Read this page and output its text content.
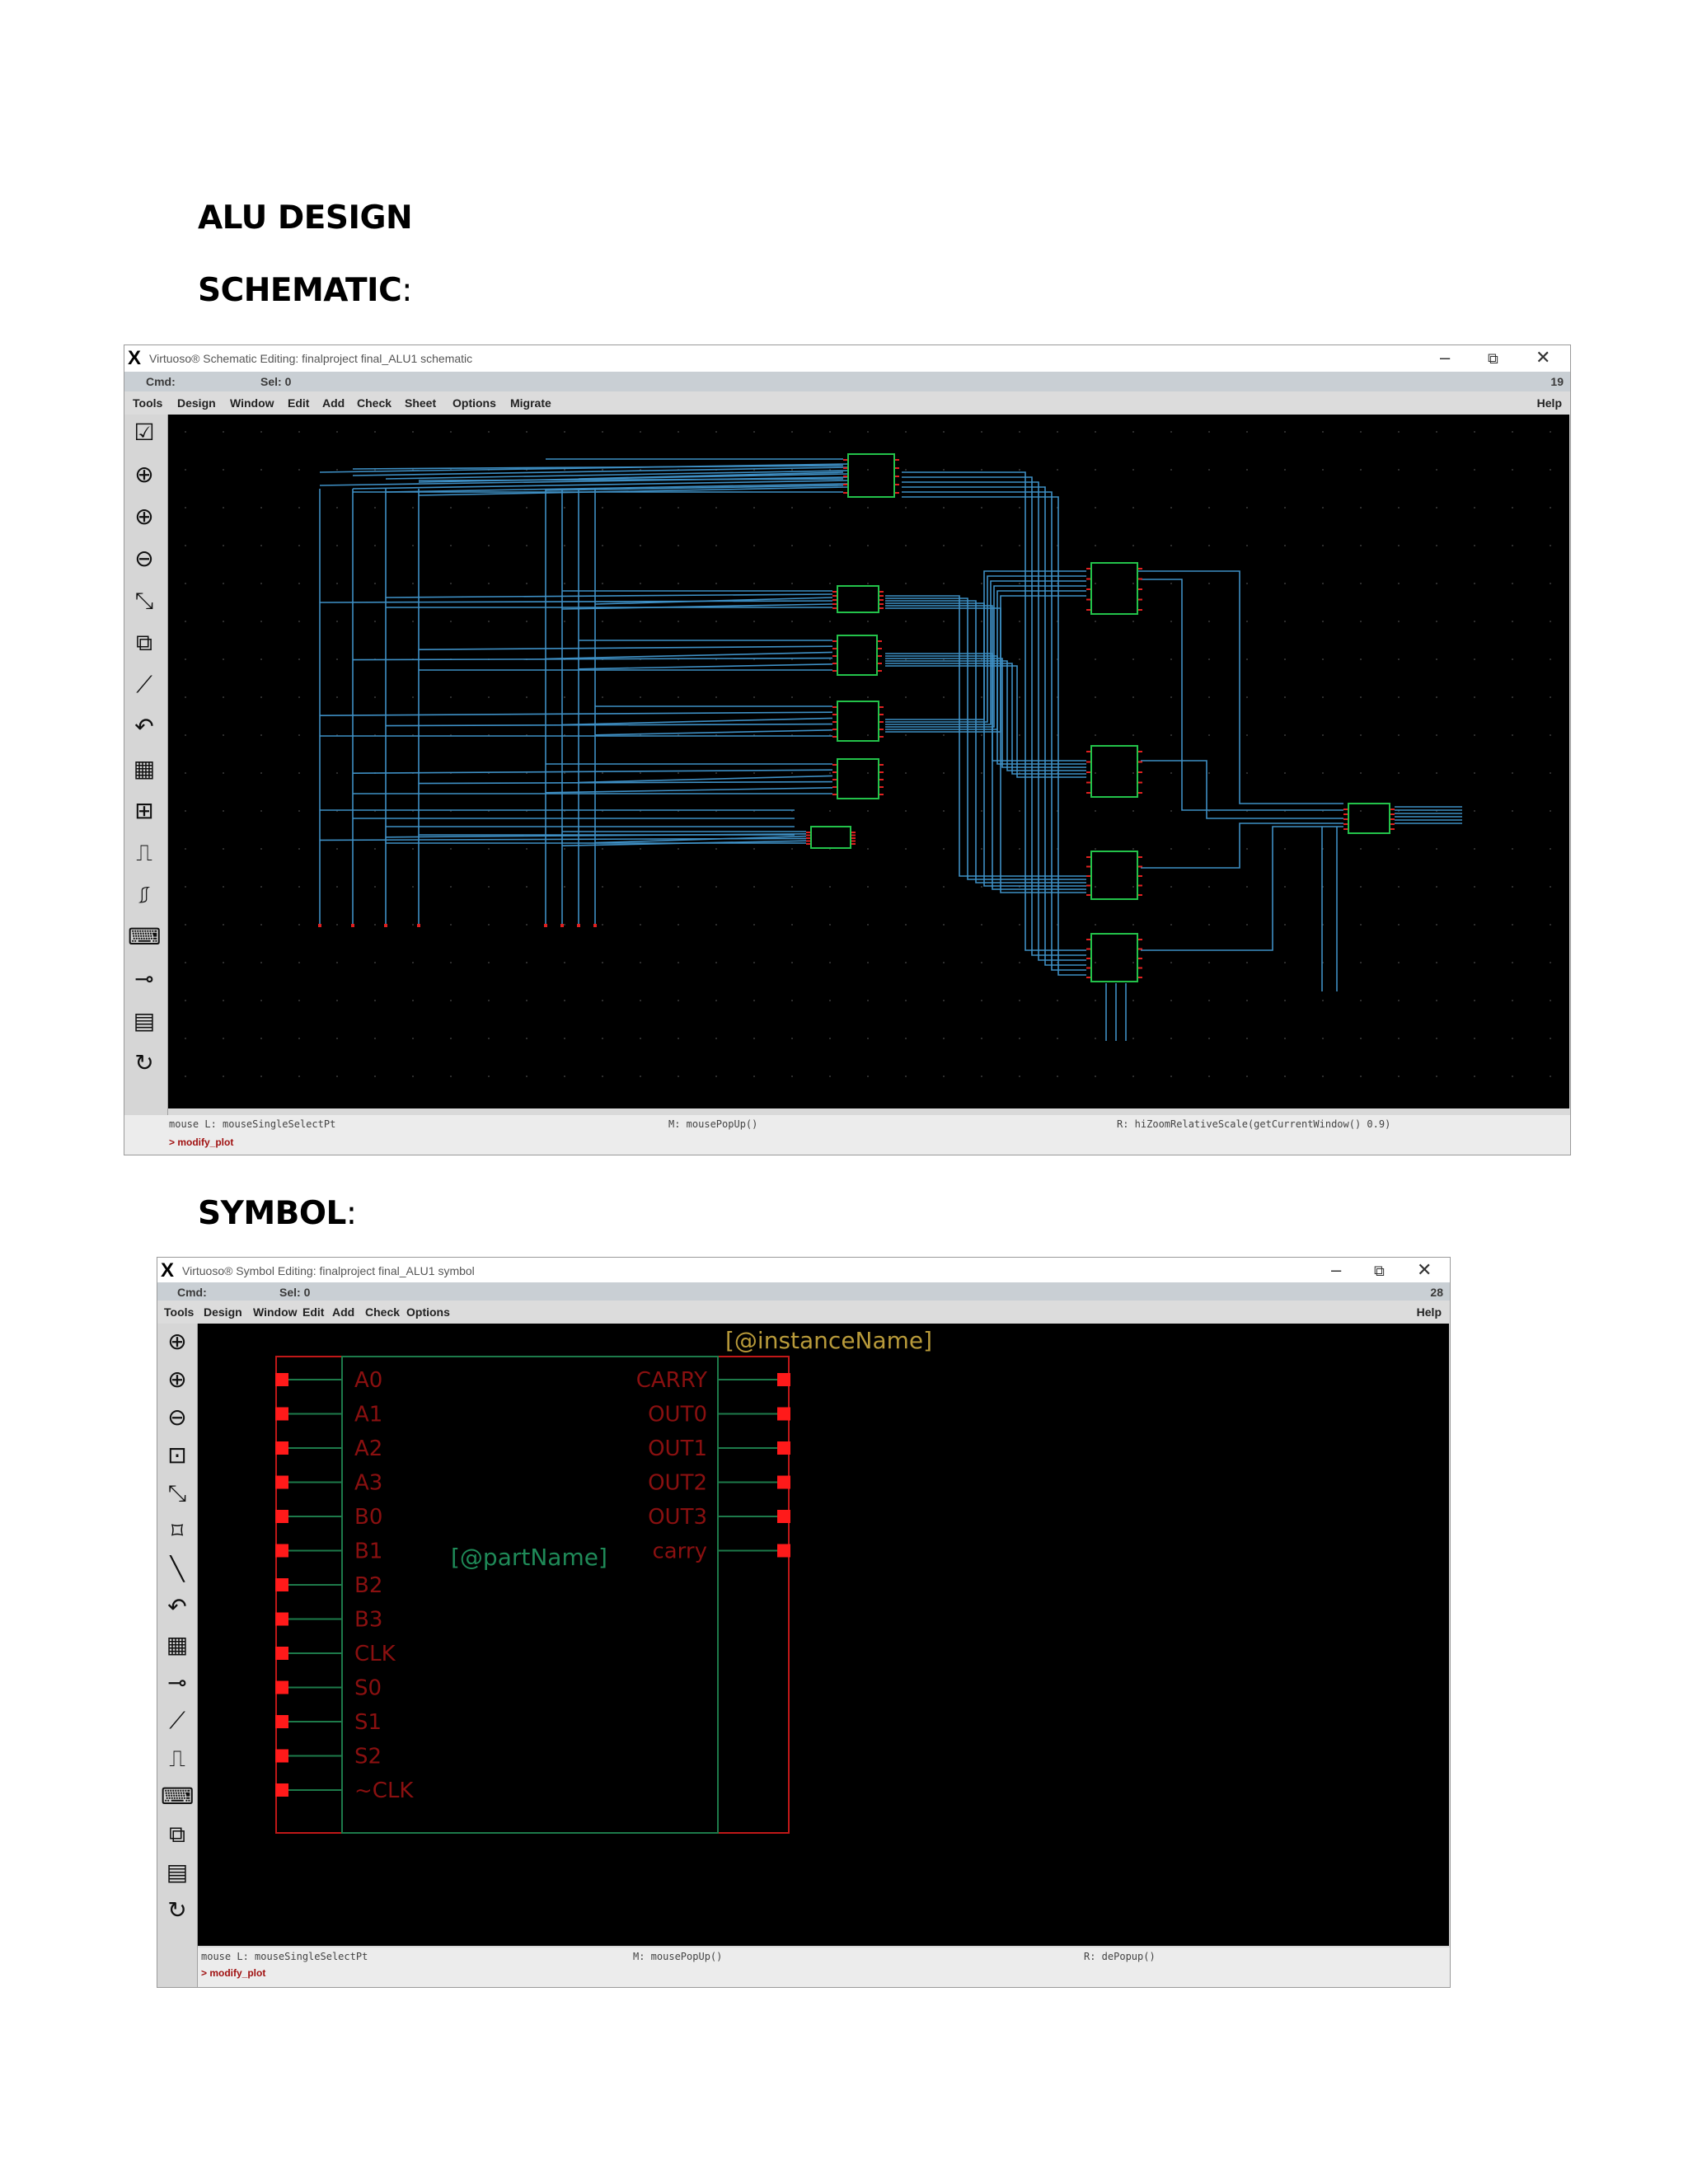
ALU DESIGN
SCHEMATIC:
SYMBOL:
X Virtuoso® Schematic Editing: finalproject final_ALU1 schematic	–	⧉ ✕
Cmd:	Sel: 0	19
Help
Tools Design Window Edit Add Check Sheet Options Migrate
☑
⊕
⊕
⊖
⤡
⧉
⟋
↶
▦
⊞
⎍
⎎
⌨
⊸
▤
↻
mouse L: mouseSingleSelectPt	M: mousePopUp()	R: hiZoomRelativeScale(getCurrentWindow() 0.9)
> modify_plot
X Virtuoso® Symbol Editing: finalproject final_ALU1 symbol	– ⧉ ✕
Cmd:	Sel: 0	28
Help
Tools Design Window Edit Add Check Options
⊕
⊕
⊖
⊡
⤡
⌑
╲
↶
▦
⊸
⟋
⎍
⌨
⧉
▤
↻
A0
A1
A2
A3
B0
B1
B2
B3
CLK
S0
S1
S2
~CLK
CARRY
OUT0
OUT1
OUT2
OUT3
carry
[@instanceName]
[@partName]
mouse L: mouseSingleSelectPt	M: mousePopUp()	R: dePopup()
> modify_plot
